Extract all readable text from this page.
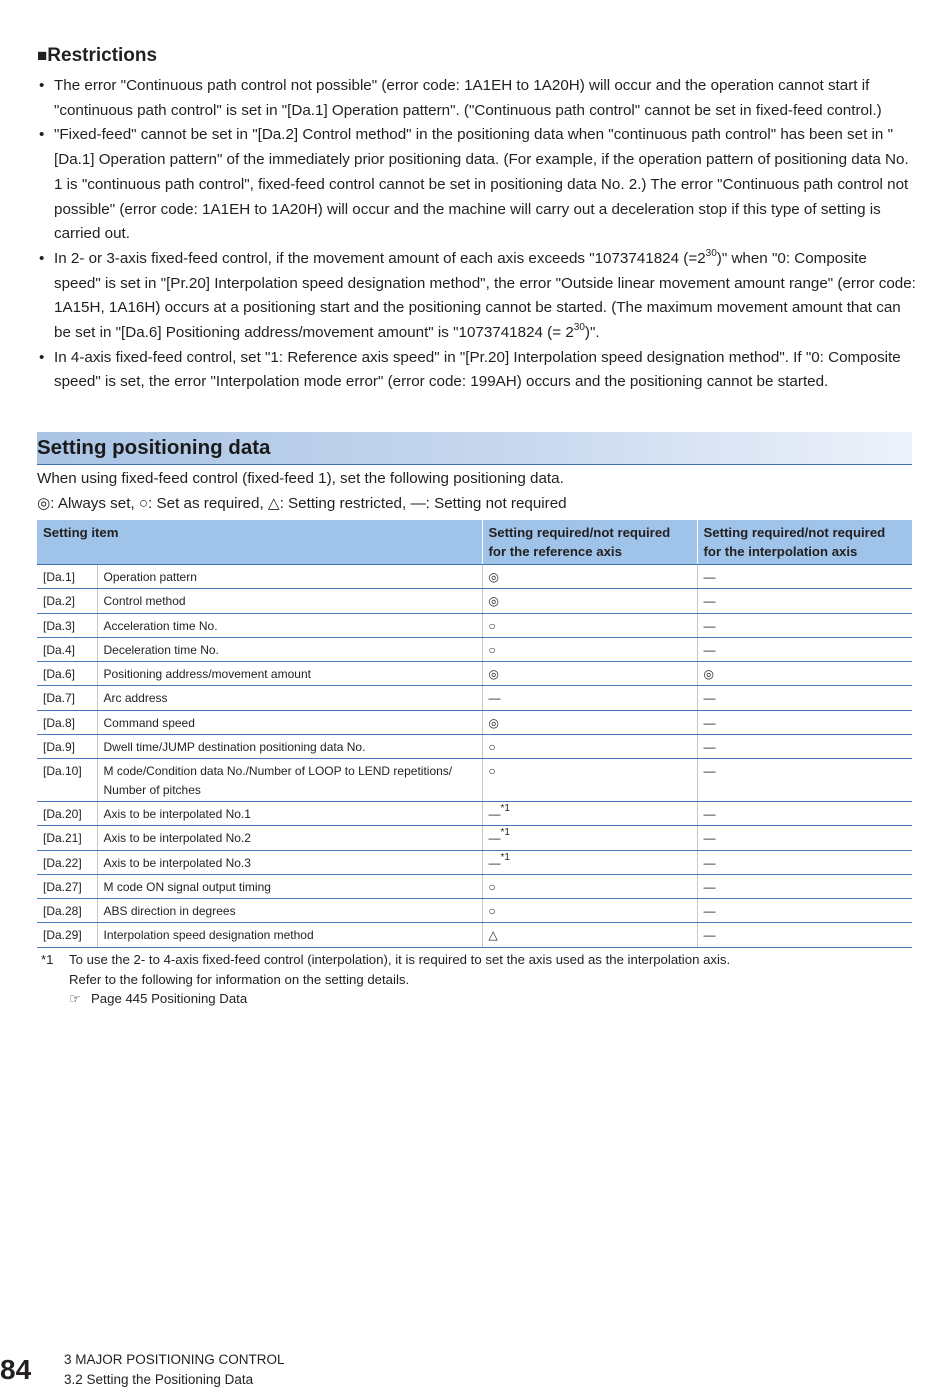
■Restrictions
• The error "Continuous path control not possible" (error code: 1A1EH to 1A20H) will occur and the operation cannot start if "continuous path control" is set in "[Da.1] Operation pattern". ("Continuous path control" cannot be set in fixed-feed control.)
• "Fixed-feed" cannot be set in "[Da.2] Control method" in the positioning data when "continuous path control" has been set in "[Da.1] Operation pattern" of the immediately prior positioning data. (For example, if the operation pattern of positioning data No. 1 is "continuous path control", fixed-feed control cannot be set in positioning data No. 2.) The error "Continuous path control not possible" (error code: 1A1EH to 1A20H) will occur and the machine will carry out a deceleration stop if this type of setting is carried out.
• In 2- or 3-axis fixed-feed control, if the movement amount of each axis exceeds "1073741824 $(=2^{30})$" when "0: Composite speed" is set in "[Pr.20] Interpolation speed designation method", the error "Outside linear movement amount range" (error code: 1A15H, 1A16H) occurs at a positioning start and the positioning cannot be started. (The maximum movement amount that can be set in "[Da.6] Positioning address/movement amount" is "1073741824 (= $2^{30}$)".
• In 4-axis fixed-feed control, set "1: Reference axis speed" in "[Pr.20] Interpolation speed designation method". If "0: Composite speed" is set, the error "Interpolation mode error" (error code: 199AH) occurs and the positioning cannot be started.
Setting positioning data
When using fixed-feed control (fixed-feed 1), set the following positioning data.
◎: Always set, ○: Set as required, △: Setting restricted, —: Setting not required
Setting item		Setting required/not required for the reference axis	Setting required/not required for the interpolation axis
[Da.1]	Operation pattern	◎	—
[Da.2]	Control method	◎	—
[Da.3]	Acceleration time No.	○	—
[Da.4]	Deceleration time No.	○	—
[Da.6]	Positioning address/movement amount	◎	◎
[Da.7]	Arc address	—	—
[Da.8]	Command speed	◎	—
[Da.9]	Dwell time/JUMP destination positioning data No.	○	—
[Da.10]	M code/Condition data No./Number of LOOP to LEND repetitions/ Number of pitches	○	—
[Da.20]	Axis to be interpolated No.1	—$^{*1}$	—
[Da.21]	Axis to be interpolated No.2	—$^{*1}$	—
[Da.22]	Axis to be interpolated No.3	—$^{*1}$	—
[Da.27]	M code ON signal output timing	○	—
[Da.28]	ABS direction in degrees	○	—
[Da.29]	Interpolation speed designation method	△	—
*1 To use the 2- to 4-axis fixed-feed control (interpolation), it is required to set the axis used as the interpolation axis.
Refer to the following for information on the setting details.
☞ Page 445 Positioning Data
84 3 MAJOR POSITIONING CONTROL
3.2 Setting the Positioning Data
